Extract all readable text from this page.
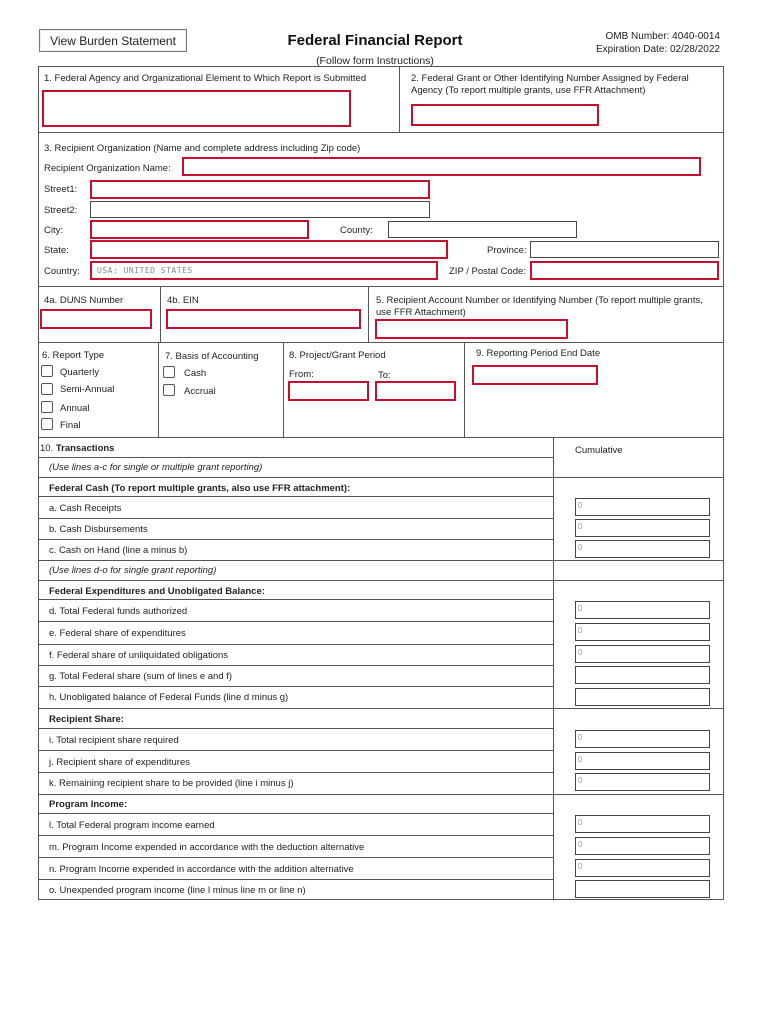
View Burden Statement	Federal Financial Report
(Follow form Instructions)
OMB Number: 4040-0014
Expiration Date: 02/28/2022
1. Federal Agency and Organizational Element to Which Report is Submitted	2. Federal Grant or Other Identifying Number Assigned by Federal Agency (To report multiple grants, use FFR Attachment)
3. Recipient Organization (Name and complete address including Zip code)
Recipient Organization Name:
Street1:
Street2:
City:	County:
State:	Province:
Country:	USA: UNITED STATES	ZIP / Postal Code:
4a. DUNS Number	4b. EIN	5. Recipient Account Number or Identifying Number (To report multiple grants, use FFR Attachment)
6. Report Type
Quarterly
Semi-Annual
Annual
Final
7. Basis of Accounting
Cash
Accrual
8. Project/Grant Period
From:	To:
9. Reporting Period End Date
10. Transactions	Cumulative
(Use lines a-c for single or multiple grant reporting)
Federal Cash (To report multiple grants, also use FFR attachment):
a. Cash Receipts	0
b. Cash Disbursements	0
c. Cash on Hand (line a minus b)	0
(Use lines d-o for single grant reporting)
Federal Expenditures and Unobligated Balance:
d. Total Federal funds authorized	0
e. Federal share of expenditures	0
f. Federal share of unliquidated obligations	0
g. Total Federal share (sum of lines e and f)
h. Unobligated balance of Federal Funds (line d minus g)
Recipient Share:
i. Total recipient share required	0
j. Recipient share of expenditures	0
k. Remaining recipient share to be provided (line i minus j)	0
Program Income:
l. Total Federal program income earned	0
m. Program Income expended in accordance with the deduction alternative	0
n. Program Income expended in accordance with the addition alternative	0
o. Unexpended program income (line l minus line m or line n)
